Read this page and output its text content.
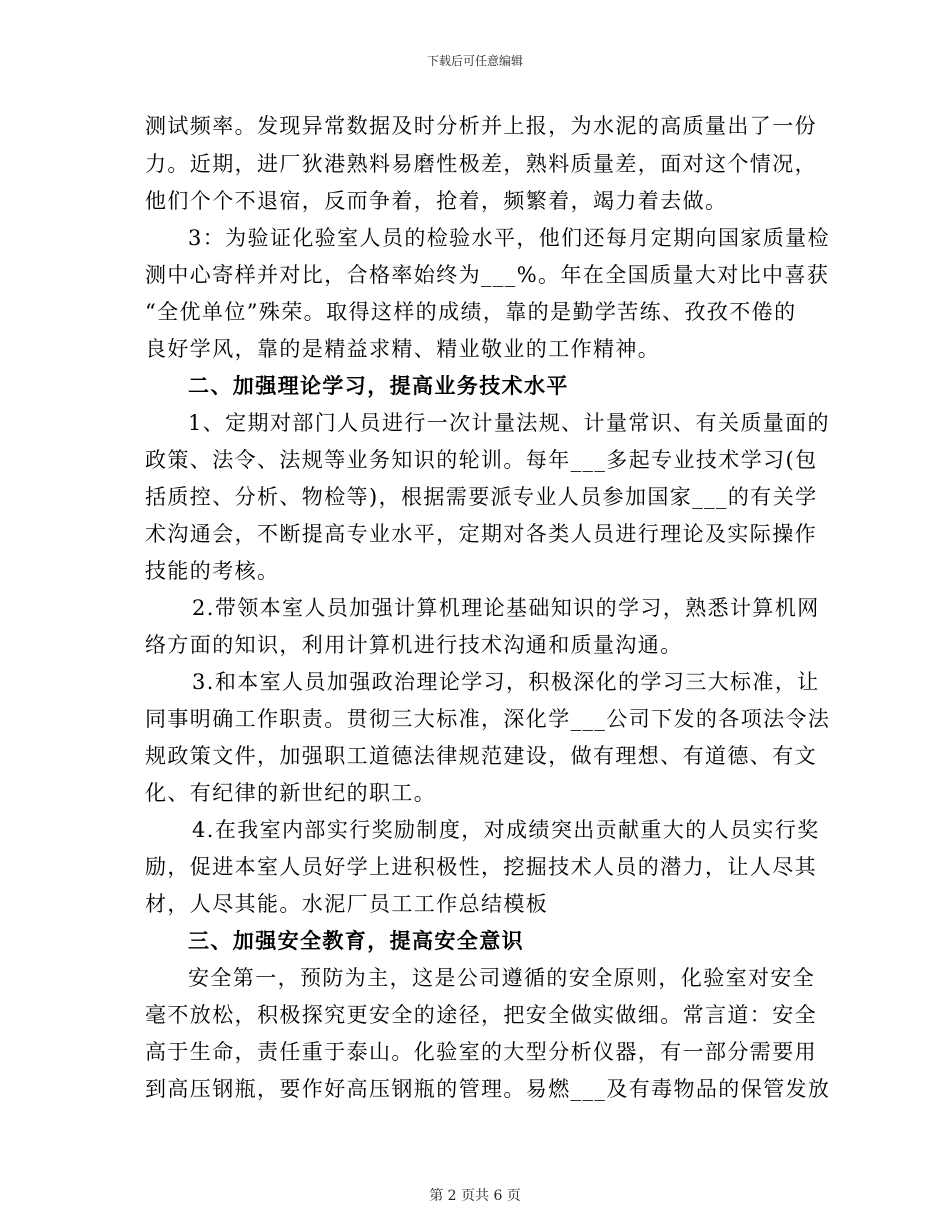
下载后可任意编辑
测试频率。发现异常数据及时分析并上报，为水泥的高质量出了一份
力。近期，进厂狄港熟料易磨性极差，熟料质量差，面对这个情况，
他们个个不退宿，反而争着，抢着，频繁着，竭力着去做。
3：为验证化验室人员的检验水平，他们还每月定期向国家质量检
测中心寄样并对比，合格率始终为___%。年在全国质量大对比中喜获
“全优单位”殊荣。取得这样的成绩，靠的是勤学苦练、孜孜不倦的
良好学风，靠的是精益求精、精业敬业的工作精神。
二、加强理论学习，提高业务技术水平
1、定期对部门人员进行一次计量法规、计量常识、有关质量面的
政策、法令、法规等业务知识的轮训。每年___多起专业技术学习(包
括质控、分析、物检等)，根据需要派专业人员参加国家___的有关学
术沟通会，不断提高专业水平，定期对各类人员进行理论及实际操作
技能的考核。
2.带领本室人员加强计算机理论基础知识的学习，熟悉计算机网
络方面的知识，利用计算机进行技术沟通和质量沟通。
3.和本室人员加强政治理论学习，积极深化的学习三大标准，让
同事明确工作职责。贯彻三大标准，深化学___公司下发的各项法令法
规政策文件，加强职工道德法律规范建设，做有理想、有道德、有文
化、有纪律的新世纪的职工。
4.在我室内部实行奖励制度，对成绩突出贡献重大的人员实行奖
励，促进本室人员好学上进积极性，挖掘技术人员的潜力，让人尽其
材，人尽其能。水泥厂员工工作总结模板
三、加强安全教育，提高安全意识
安全第一，预防为主，这是公司遵循的安全原则，化验室对安全
毫不放松，积极探究更安全的途径，把安全做实做细。常言道：安全
高于生命，责任重于泰山。化验室的大型分析仪器，有一部分需要用
到高压钢瓶，要作好高压钢瓶的管理。易燃___及有毒物品的保管发放
第 2 页共 6 页
